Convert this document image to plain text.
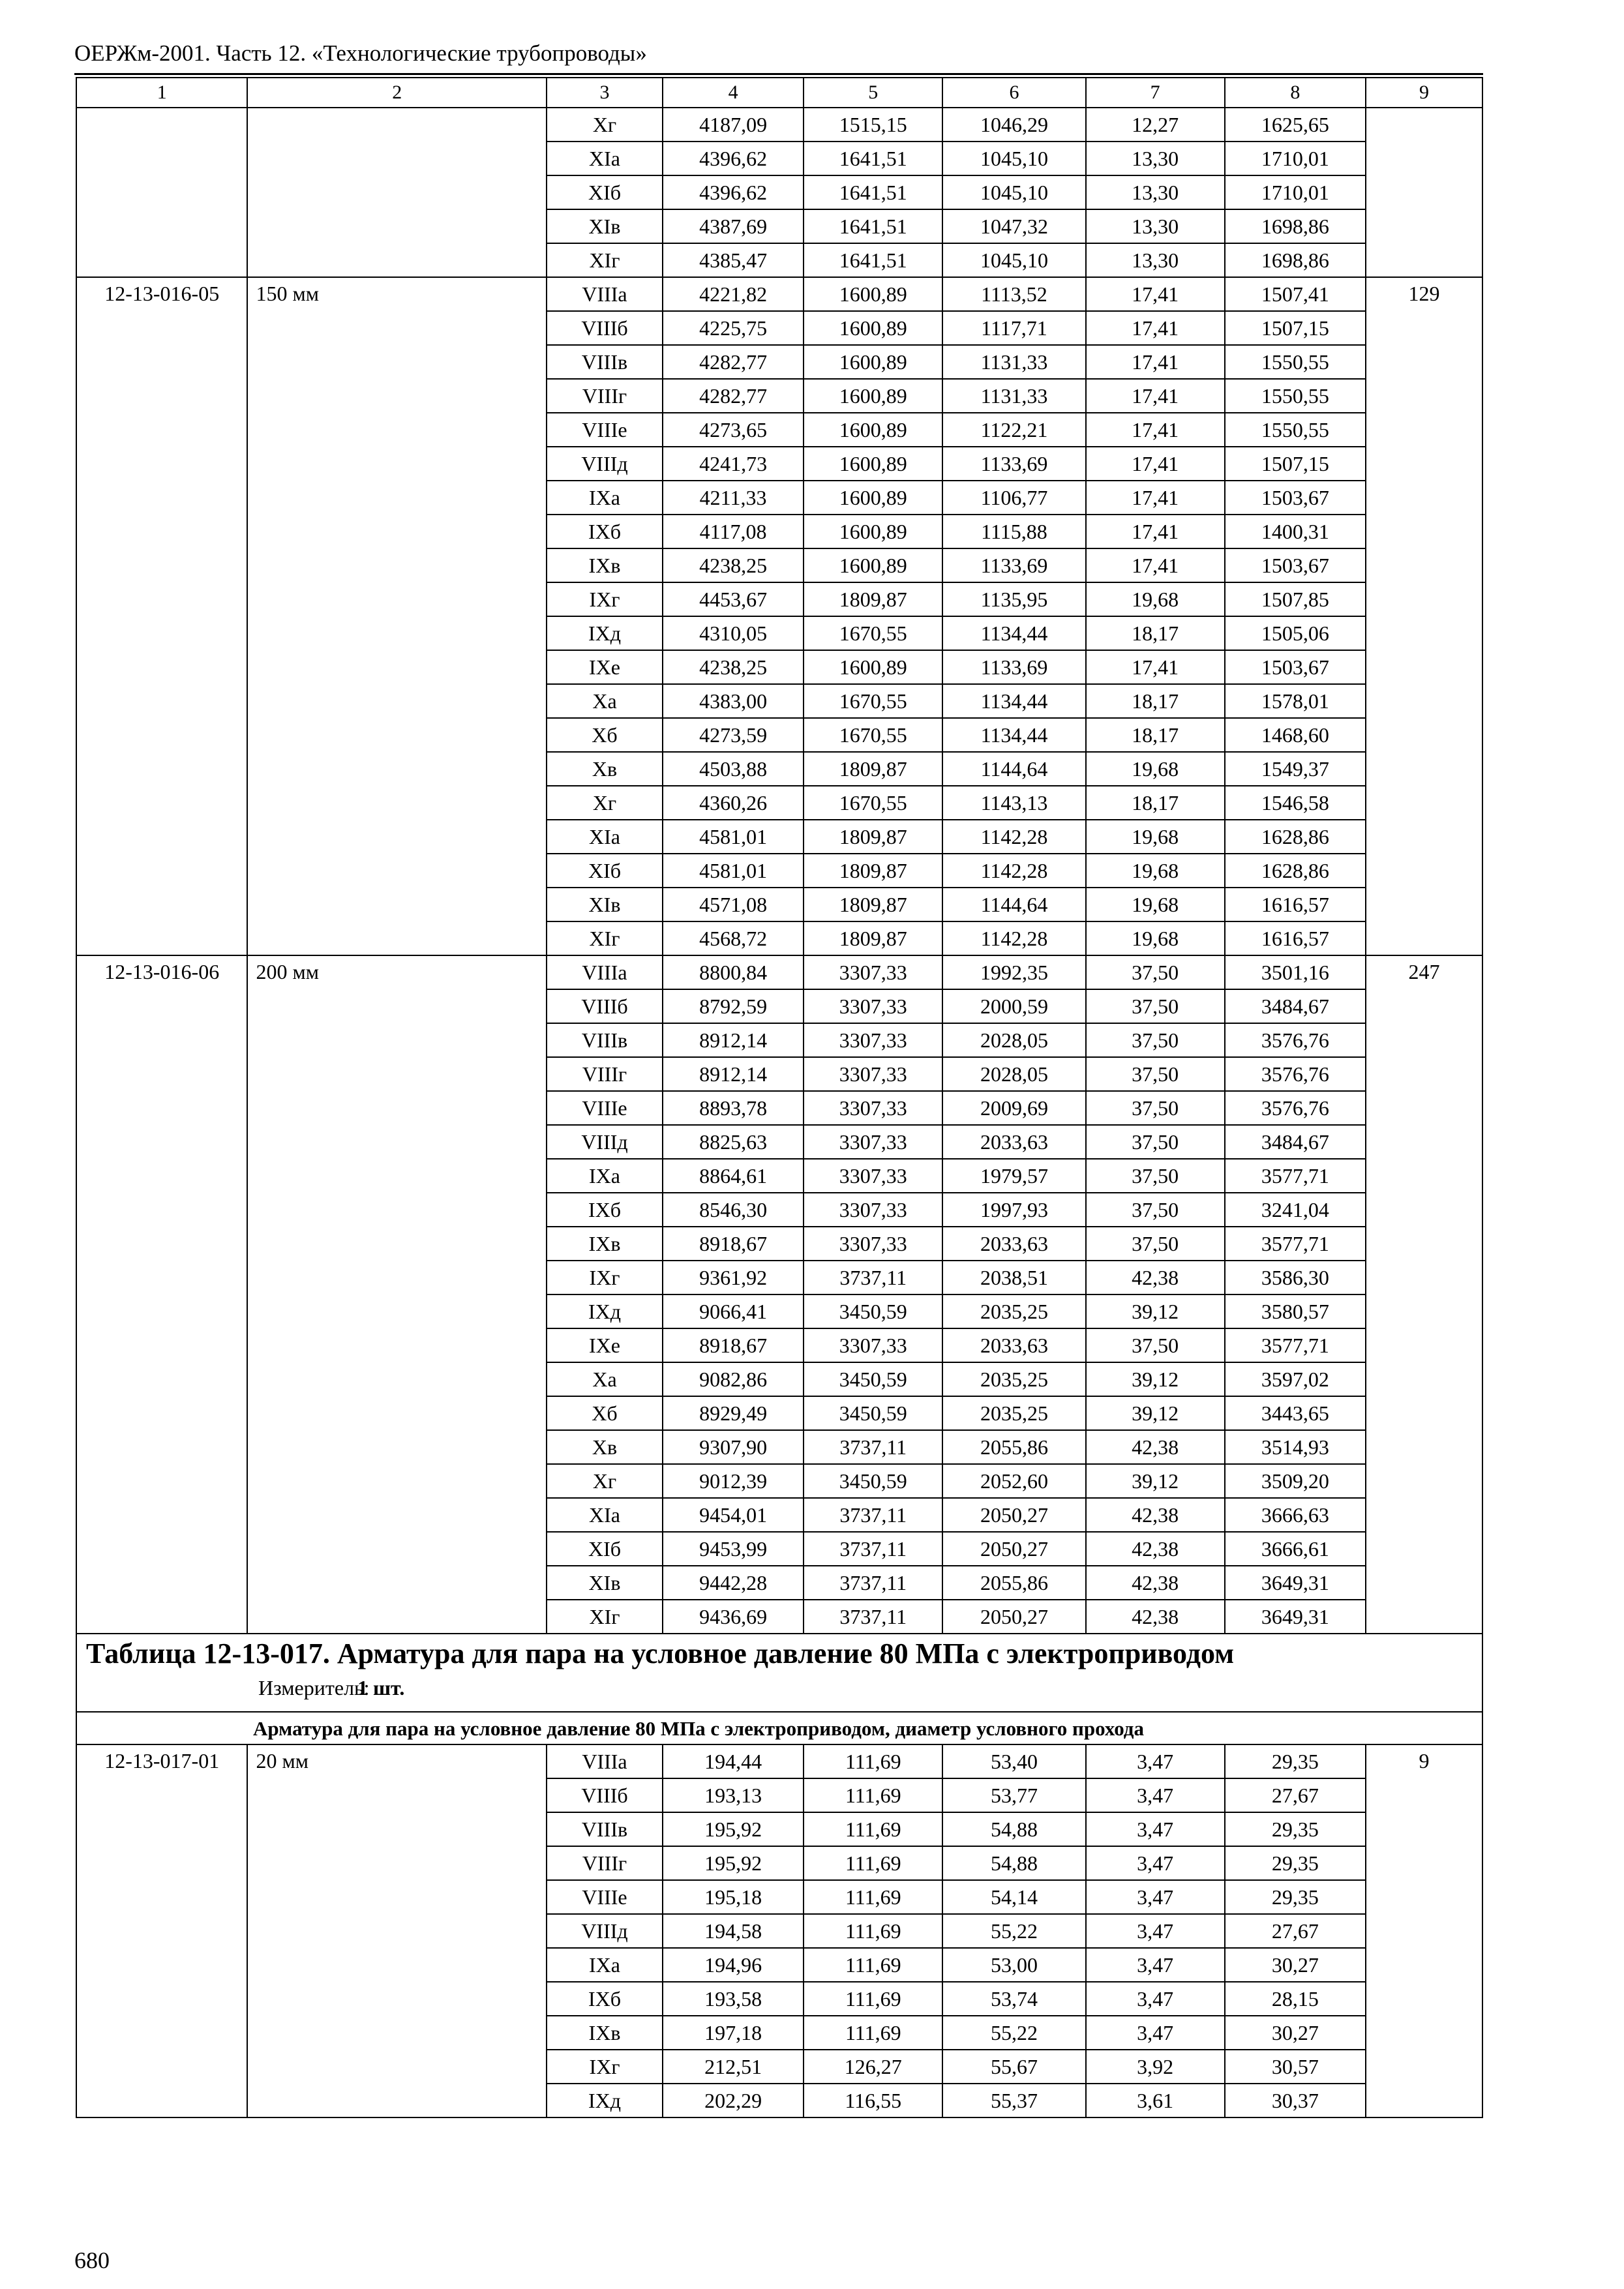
ОЕРЖм-2001. Часть 12. «Технологические трубопроводы»
1	2	3	4	5	6	7	8	9
		Xг	4187,09	1515,15	1046,29	12,27	1625,65	
		XIa	4396,62	1641,51	1045,10	13,30	1710,01	
		XIб	4396,62	1641,51	1045,10	13,30	1710,01	
		XIв	4387,69	1641,51	1047,32	13,30	1698,86	
		XIг	4385,47	1641,51	1045,10	13,30	1698,86	
12-13-016-05	150 мм	VIIIa	4221,82	1600,89	1113,52	17,41	1507,41	129
		VIIIб	4225,75	1600,89	1117,71	17,41	1507,15	
		VIIIв	4282,77	1600,89	1131,33	17,41	1550,55	
		VIIIг	4282,77	1600,89	1131,33	17,41	1550,55	
		VIIIe	4273,65	1600,89	1122,21	17,41	1550,55	
		VIIIд	4241,73	1600,89	1133,69	17,41	1507,15	
		IXa	4211,33	1600,89	1106,77	17,41	1503,67	
		IXб	4117,08	1600,89	1115,88	17,41	1400,31	
		IXв	4238,25	1600,89	1133,69	17,41	1503,67	
		IXг	4453,67	1809,87	1135,95	19,68	1507,85	
		IXд	4310,05	1670,55	1134,44	18,17	1505,06	
		IXe	4238,25	1600,89	1133,69	17,41	1503,67	
		Xa	4383,00	1670,55	1134,44	18,17	1578,01	
		Xб	4273,59	1670,55	1134,44	18,17	1468,60	
		Xв	4503,88	1809,87	1144,64	19,68	1549,37	
		Xг	4360,26	1670,55	1143,13	18,17	1546,58	
		XIa	4581,01	1809,87	1142,28	19,68	1628,86	
		XIб	4581,01	1809,87	1142,28	19,68	1628,86	
		XIв	4571,08	1809,87	1144,64	19,68	1616,57	
		XIг	4568,72	1809,87	1142,28	19,68	1616,57	
12-13-016-06	200 мм	VIIIa	8800,84	3307,33	1992,35	37,50	3501,16	247
		VIIIб	8792,59	3307,33	2000,59	37,50	3484,67	
		VIIIв	8912,14	3307,33	2028,05	37,50	3576,76	
		VIIIг	8912,14	3307,33	2028,05	37,50	3576,76	
		VIIIe	8893,78	3307,33	2009,69	37,50	3576,76	
		VIIIд	8825,63	3307,33	2033,63	37,50	3484,67	
		IXa	8864,61	3307,33	1979,57	37,50	3577,71	
		IXб	8546,30	3307,33	1997,93	37,50	3241,04	
		IXв	8918,67	3307,33	2033,63	37,50	3577,71	
		IXг	9361,92	3737,11	2038,51	42,38	3586,30	
		IXд	9066,41	3450,59	2035,25	39,12	3580,57	
		IXe	8918,67	3307,33	2033,63	37,50	3577,71	
		Xa	9082,86	3450,59	2035,25	39,12	3597,02	
		Xб	8929,49	3450,59	2035,25	39,12	3443,65	
		Xв	9307,90	3737,11	2055,86	42,38	3514,93	
		Xг	9012,39	3450,59	2052,60	39,12	3509,20	
		XIa	9454,01	3737,11	2050,27	42,38	3666,63	
		XIб	9453,99	3737,11	2050,27	42,38	3666,61	
		XIв	9442,28	3737,11	2055,86	42,38	3649,31	
		XIг	9436,69	3737,11	2050,27	42,38	3649,31	

Таблица 12-13-017. Арматура для пара на условное давление 80 МПа с электроприводом
Измеритель:1 шт.								

Арматура для пара на условное давление 80 МПа с электроприводом, диаметр условного прохода								
12-13-017-01	20 мм	VIIIa	194,44	111,69	53,40	3,47	29,35	9
		VIIIб	193,13	111,69	53,77	3,47	27,67	
		VIIIв	195,92	111,69	54,88	3,47	29,35	
		VIIIг	195,92	111,69	54,88	3,47	29,35	
		VIIIe	195,18	111,69	54,14	3,47	29,35	
		VIIIд	194,58	111,69	55,22	3,47	27,67	
		IXa	194,96	111,69	53,00	3,47	30,27	
		IXб	193,58	111,69	53,74	3,47	28,15	
		IXв	197,18	111,69	55,22	3,47	30,27	
		IXг	212,51	126,27	55,67	3,92	30,57	
		IXд	202,29	116,55	55,37	3,61	30,37	
680
